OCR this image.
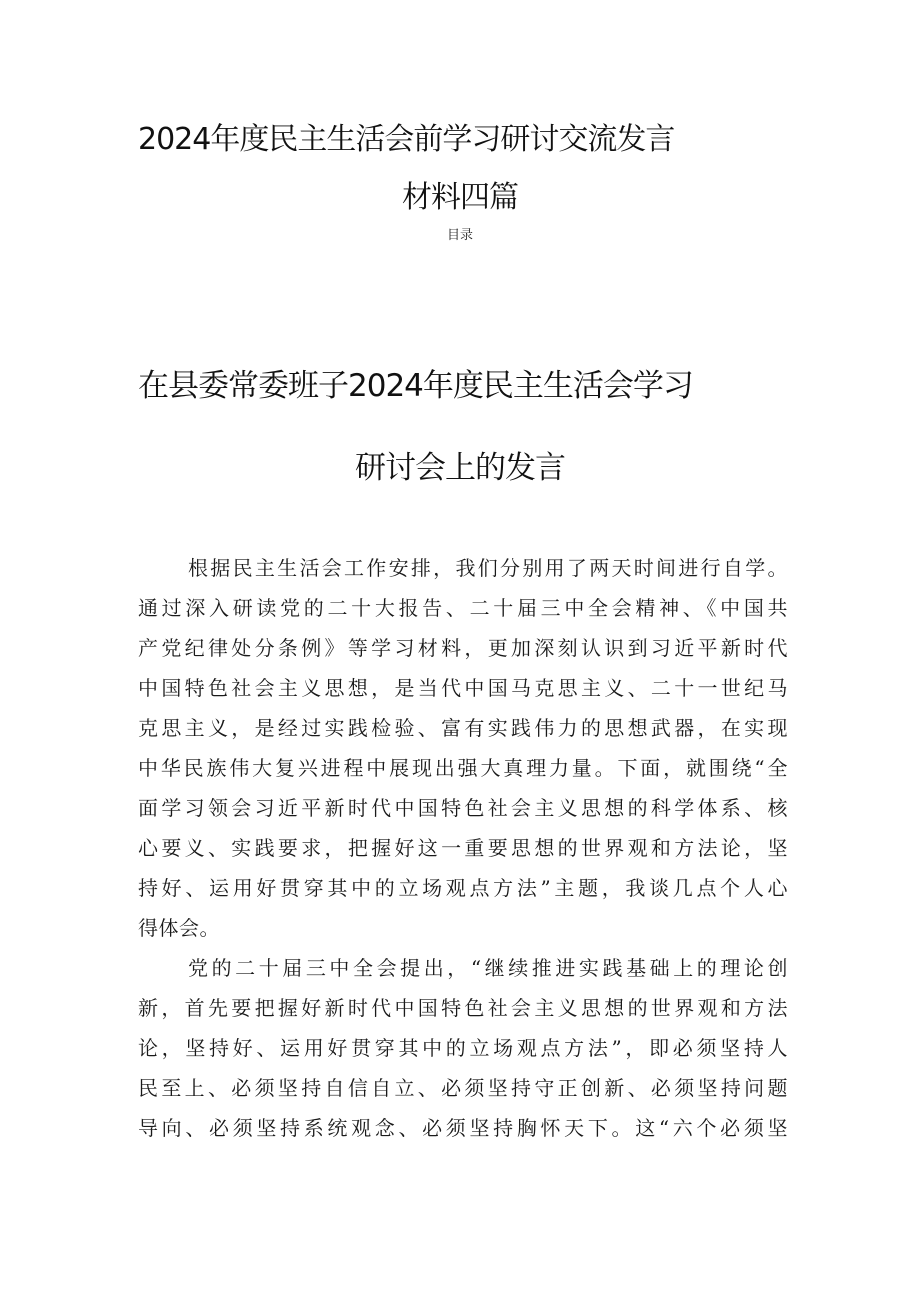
2024年度民主生活会前学习研讨交流发言
材料四篇
目录
在县委常委班子2024年度民主生活会学习
研讨会上的发言
根据民主生活会工作安排，我们分别用了两天时间进行自学。
通过深入研读党的二十大报告、二十届三中全会精神、《中国共
产党纪律处分条例》等学习材料，更加深刻认识到习近平新时代
中国特色社会主义思想，是当代中国马克思主义、二十一世纪马
克思主义，是经过实践检验、富有实践伟力的思想武器，在实现
中华民族伟大复兴进程中展现出强大真理力量。下面，就围绕“全
面学习领会习近平新时代中国特色社会主义思想的科学体系、核
心要义、实践要求，把握好这一重要思想的世界观和方法论，坚
持好、运用好贯穿其中的立场观点方法”主题，我谈几点个人心
得体会。
党的二十届三中全会提出，“继续推进实践基础上的理论创
新，首先要把握好新时代中国特色社会主义思想的世界观和方法
论，坚持好、运用好贯穿其中的立场观点方法”，即必须坚持人
民至上、必须坚持自信自立、必须坚持守正创新、必须坚持问题
导向、必须坚持系统观念、必须坚持胸怀天下。这“六个必须坚
